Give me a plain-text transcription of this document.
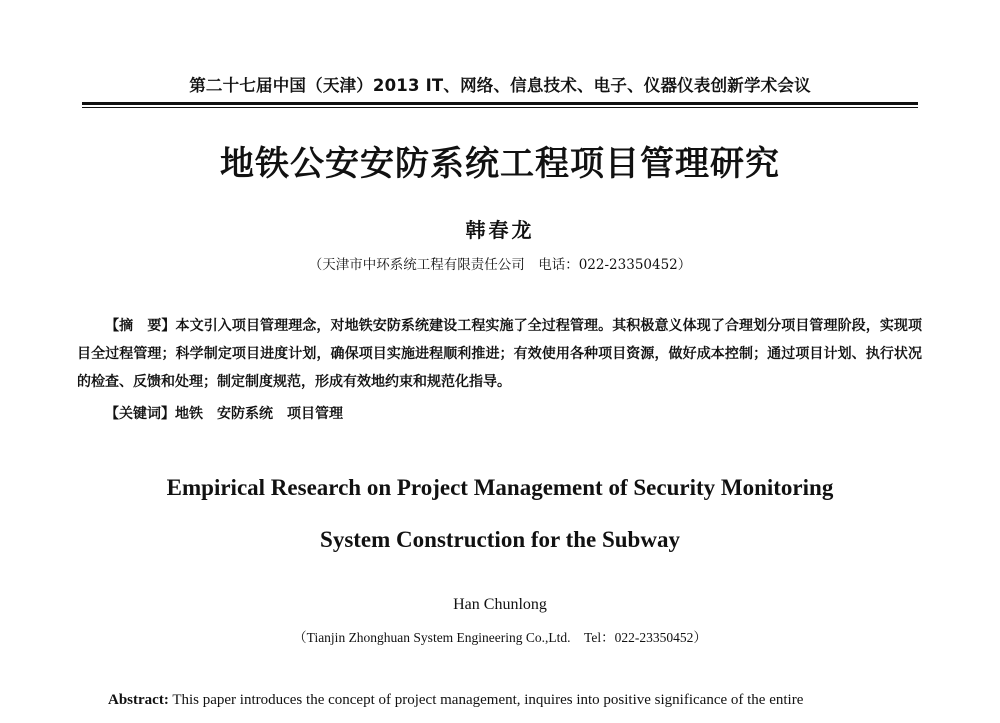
第二十七届中国（天津）2013 IT、网络、信息技术、电子、仪器仪表创新学术会议
地铁公安安防系统工程项目管理研究
韩春龙
（天津市中环系统工程有限责任公司　电话：022-23350452）
【摘　要】本文引入项目管理理念，对地铁安防系统建设工程实施了全过程管理。其积极意义体现了合理划分项目管理阶段，实现项目全过程管理；科学制定项目进度计划，确保项目实施进程顺利推进；有效使用各种项目资源，做好成本控制；通过项目计划、执行状况的检查、反馈和处理；制定制度规范，形成有效地约束和规范化指导。
【关键词】地铁 安防系统 项目管理
Empirical Research on Project Management of Security Monitoring
System Construction for the Subway
Han Chunlong
（Tianjin Zhonghuan System Engineering Co.,Ltd.　Tel：022-23350452）
Abstract: This paper introduces the concept of project management, inquires into positive significance of the entire
